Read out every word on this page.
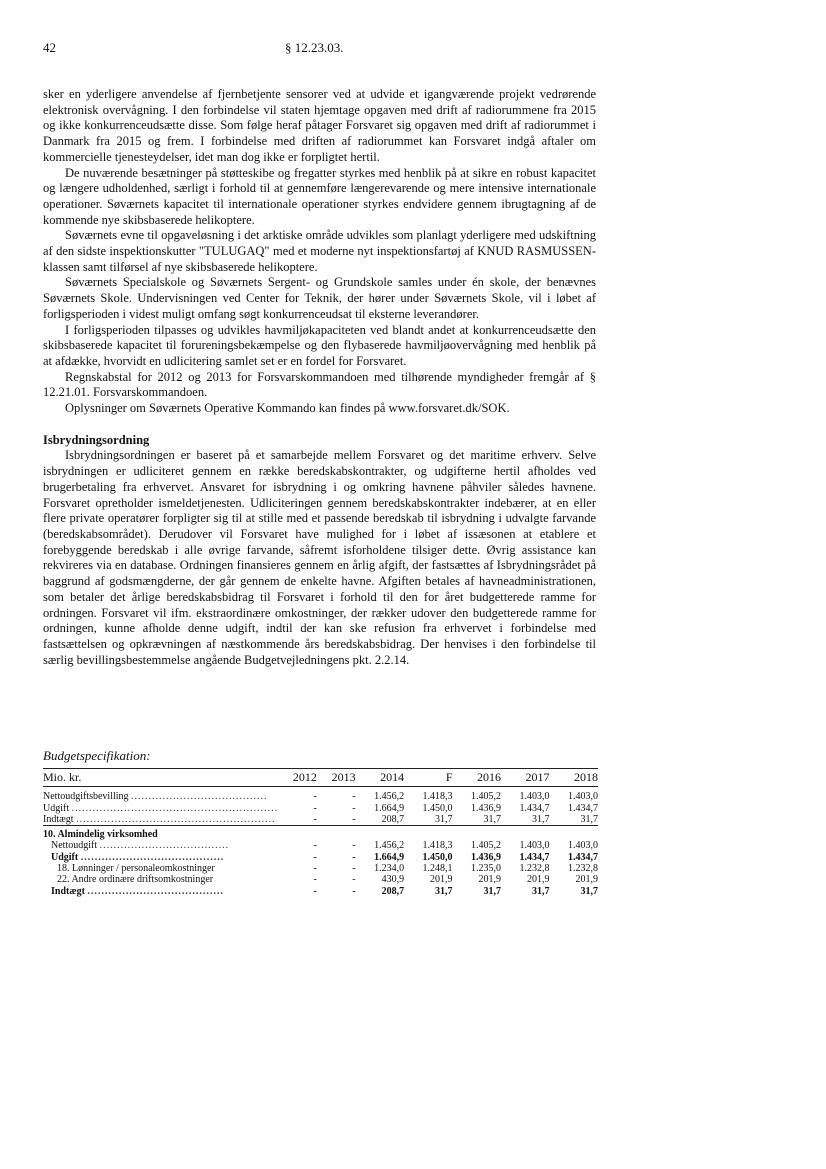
42	§ 12.23.03.

sker en yderligere anvendelse af fjernbetjente sensorer ved at udvide et igangværende projekt vedrørende elektronisk overvågning. I den forbindelse vil staten hjemtage opgaven med drift af radiorummene fra 2015 og ikke konkurrenceudsætte disse. Som følge heraf påtager Forsvaret sig opgaven med drift af radiorummet i Danmark fra 2015 og frem. I forbindelse med driften af radiorummet kan Forsvaret indgå aftaler om kommercielle tjenesteydelser, idet man dog ikke er forpligtet hertil.

De nuværende besætninger på støtteskibe og fregatter styrkes med henblik på at sikre en robust kapacitet og længere udholdenhed, særligt i forhold til at gennemføre længerevarende og mere intensive internationale operationer. Søværnets kapacitet til internationale operationer styrkes endvidere gennem ibrugtagning af de kommende nye skibsbaserede helikoptere.

Søværnets evne til opgaveløsning i det arktiske område udvikles som planlagt yderligere med udskiftning af den sidste inspektionskutter "TULUGAQ" med et moderne nyt inspektionsfartøj af KNUD RASMUSSEN-klassen samt tilførsel af nye skibsbaserede helikoptere.

Søværnets Specialskole og Søværnets Sergent- og Grundskole samles under én skole, der benævnes Søværnets Skole. Undervisningen ved Center for Teknik, der hører under Søværnets Skole, vil i løbet af forligsperioden i videst muligt omfang søgt konkurrenceudsat til eksterne leverandører.

I forligsperioden tilpasses og udvikles havmiljøkapaciteten ved blandt andet at konkurrenceudsætte den skibsbaserede kapacitet til forureningsbekæmpelse og den flybaserede havmiljøovervågning med henblik på at afdække, hvorvidt en udlicitering samlet set er en fordel for Forsvaret.

Regnskabstal for 2012 og 2013 for Forsvarskommandoen med tilhørende myndigheder fremgår af § 12.21.01. Forsvarskommandoen.

Oplysninger om Søværnets Operative Kommando kan findes på www.forsvaret.dk/SOK.

Isbrydningsordning

Isbrydningsordningen er baseret på et samarbejde mellem Forsvaret og det maritime erhverv. Selve isbrydningen er udliciteret gennem en række beredskabskontrakter, og udgifterne hertil afholdes ved brugerbetaling fra erhvervet. Ansvaret for isbrydning i og omkring havnene påhviler således havnene. Forsvaret opretholder ismeldetjenesten. Udliciteringen gennem beredskabskontrakter indebærer, at en eller flere private operatører forpligter sig til at stille med et passende beredskab til isbrydning i udvalgte farvande (beredskabsområdet). Derudover vil Forsvaret have mulighed for i løbet af issæsonen at etablere et forebyggende beredskab i alle øvrige farvande, såfremt isforholdene tilsiger dette. Øvrig assistance kan rekvireres via en database. Ordningen finansieres gennem en årlig afgift, der fastsættes af Isbrydningsrådet på baggrund af godsmængderne, der går gennem de enkelte havne. Afgiften betales af havneadministrationen, som betaler det årlige beredskabsbidrag til Forsvaret i forhold til den for året budgetterede ramme for ordningen. Forsvaret vil ifm. ekstraordinære omkostninger, der rækker udover den budgetterede ramme for ordningen, kunne afholde denne udgift, indtil der kan ske refusion fra erhvervet i forbindelse med fastsættelsen og opkrævningen af næstkommende års beredskabsbidrag. Der henvises i den forbindelse til særlig bevillingsbestemmelse angående Budgetvejledningens pkt. 2.2.14.

Budgetspecifikation:
Mio. kr.	2012	2013	2014	F	2016	2017	2018
Nettoudgiftsbevilling .......................................	-	-	1.456,2	1.418,3	1.405,2	1.403,0	1.403,0
Udgift ...........................................................	-	-	1.664,9	1.450,0	1.436,9	1.434,7	1.434,7
Indtægt .........................................................	-	-	208,7	31,7	31,7	31,7	31,7
10. Almindelig virksomhed							
Nettoudgift .....................................	-	-	1.456,2	1.418,3	1.405,2	1.403,0	1.403,0
Udgift .........................................	-	-	1.664,9	1.450,0	1.436,9	1.434,7	1.434,7
18. Lønninger / personaleomkostninger	-	-	1.234,0	1.248,1	1.235,0	1.232,8	1.232,8
22. Andre ordinære driftsomkostninger	-	-	430,9	201,9	201,9	201,9	201,9
Indtægt .......................................	-	-	208,7	31,7	31,7	31,7	31,7
